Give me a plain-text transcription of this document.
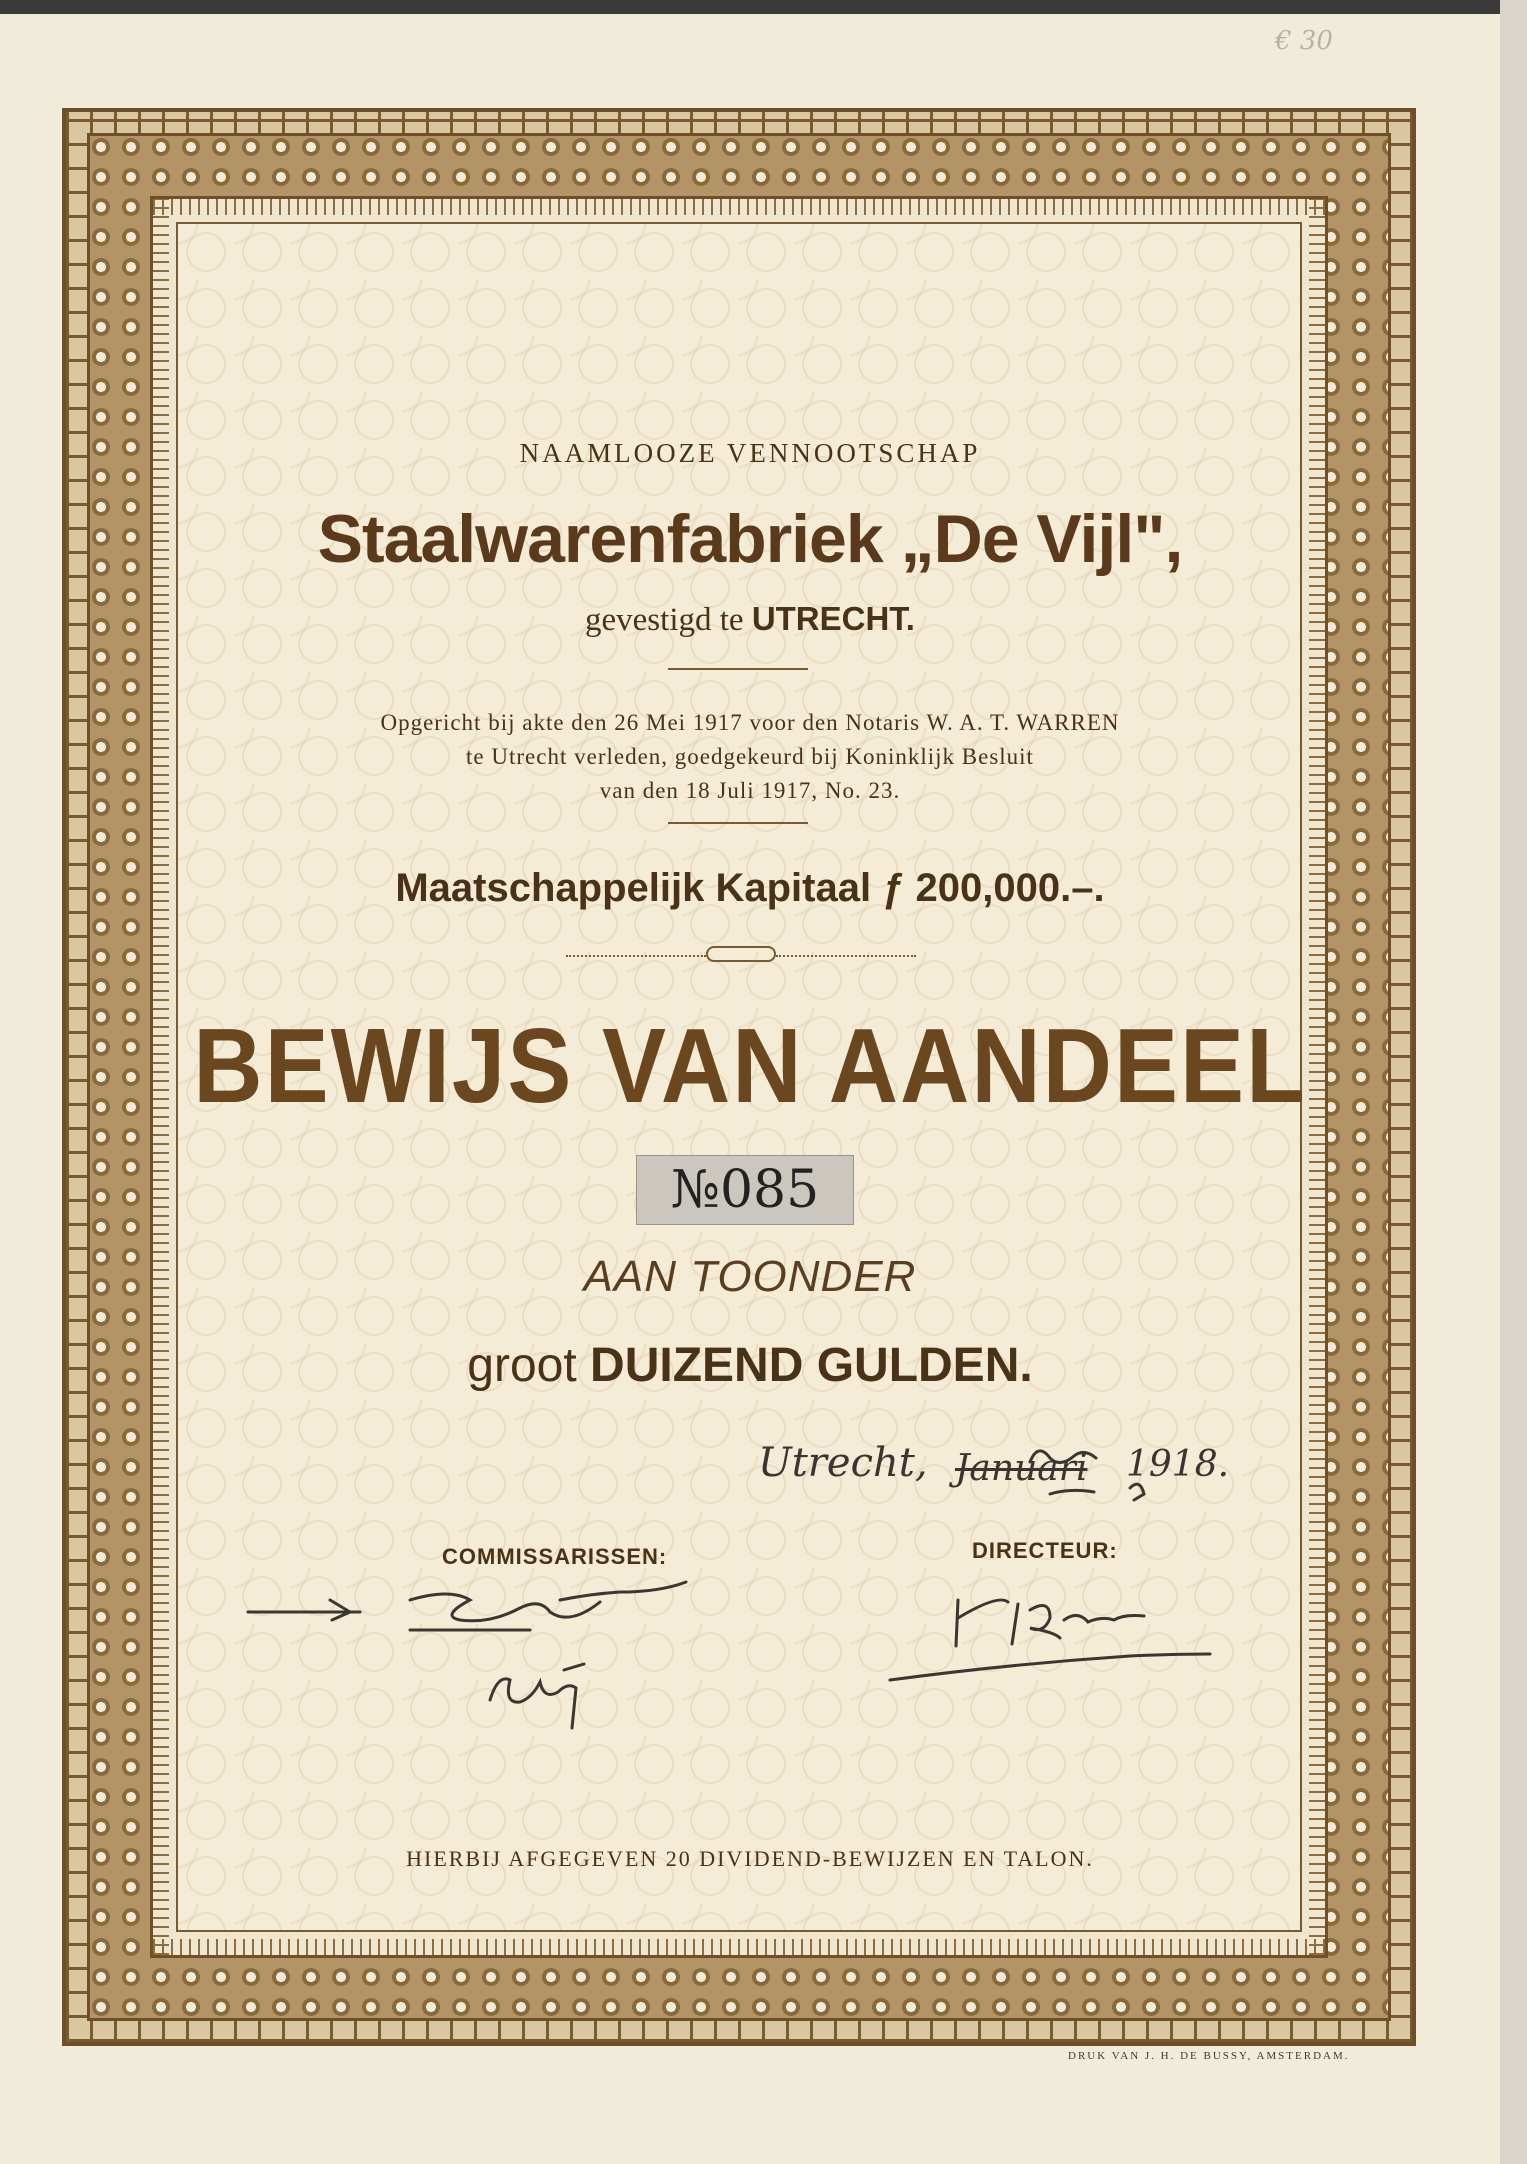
€ 30
NAAMLOOZE VENNOOTSCHAP
Staalwarenfabriek „De Vijl",
gevestigd te UTRECHT.
Opgericht bij akte den 26 Mei 1917 voor den Notaris W. A. T. WARREN
te Utrecht verleden, goedgekeurd bij Koninklijk Besluit
van den 18 Juli 1917, No. 23.
Maatschappelijk Kapitaal ƒ 200,000.–.
BEWIJS VAN AANDEEL
№085
AAN TOONDER
groot DUIZEND GULDEN.
Utrecht, Januari 1918.
COMMISSARISSEN:	DIRECTEUR:
HIERBIJ AFGEGEVEN 20 DIVIDEND-BEWIJZEN EN TALON.
DRUK VAN J. H. DE BUSSY, AMSTERDAM.
